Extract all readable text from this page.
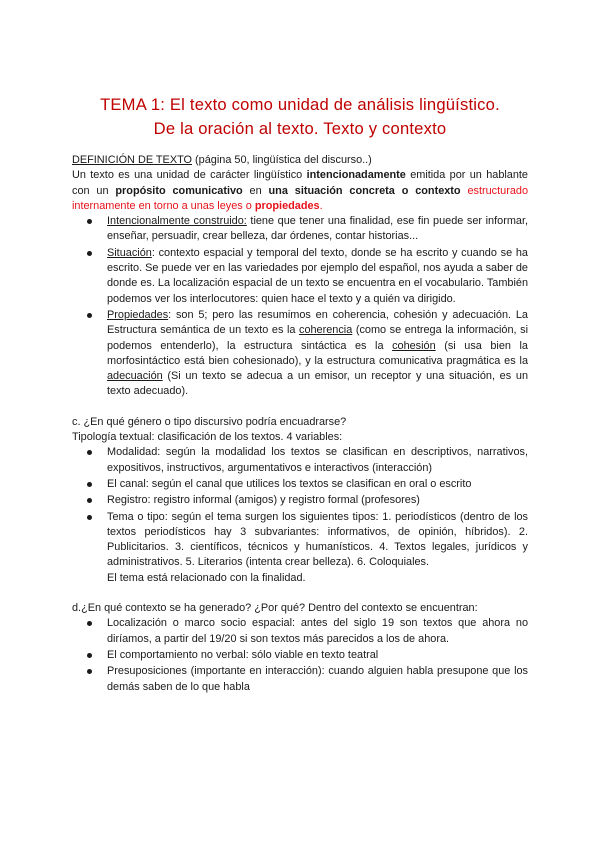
TEMA 1: El texto como unidad de análisis lingüístico.
De la oración al texto. Texto y contexto
DEFINICIÓN DE TEXTO (página 50, lingüística del discurso..)
Un texto es una unidad de carácter lingüístico intencionadamente emitida por un hablante con un propósito comunicativo en una situación concreta o contexto estructurado internamente en torno a unas leyes o propiedades.
Intencionalmente construido: tiene que tener una finalidad, ese fin puede ser informar, enseñar, persuadir, crear belleza, dar órdenes, contar historias...
Situación: contexto espacial y temporal del texto, donde se ha escrito y cuando se ha escrito. Se puede ver en las variedades por ejemplo del español, nos ayuda a saber de donde es. La localización espacial de un texto se encuentra en el vocabulario. También podemos ver los interlocutores: quien hace el texto y a quién va dirigido.
Propiedades: son 5; pero las resumimos en coherencia, cohesión y adecuación. La Estructura semántica de un texto es la coherencia (como se entrega la información, si podemos entenderlo), la estructura sintáctica es la cohesión (si usa bien la morfosintáctico está bien cohesionado), y la estructura comunicativa pragmática es la adecuación (Si un texto se adecua a un emisor, un receptor y una situación, es un texto adecuado).
c. ¿En qué género o tipo discursivo podría encuadrarse?
Tipología textual: clasificación de los textos. 4 variables:
Modalidad: según la modalidad los textos se clasifican en descriptivos, narrativos, expositivos, instructivos, argumentativos e interactivos (interacción)
El canal: según el canal que utilices los textos se clasifican en oral o escrito
Registro: registro informal (amigos) y registro formal (profesores)
Tema o tipo: según el tema surgen los siguientes tipos: 1. periodísticos (dentro de los textos periodísticos hay 3 subvariantes: informativos, de opinión, híbridos). 2. Publicitarios. 3. científicos, técnicos y humanísticos. 4. Textos legales, jurídicos y administrativos. 5. Literarios (intenta crear belleza). 6. Coloquiales.
El tema está relacionado con la finalidad.
d.¿En qué contexto se ha generado? ¿Por qué? Dentro del contexto se encuentran:
Localización o marco socio espacial: antes del siglo 19 son textos que ahora no diríamos, a partir del 19/20 si son textos más parecidos a los de ahora.
El comportamiento no verbal: sólo viable en texto teatral
Presuposiciones (importante en interacción): cuando alguien habla presupone que los demás saben de lo que habla
